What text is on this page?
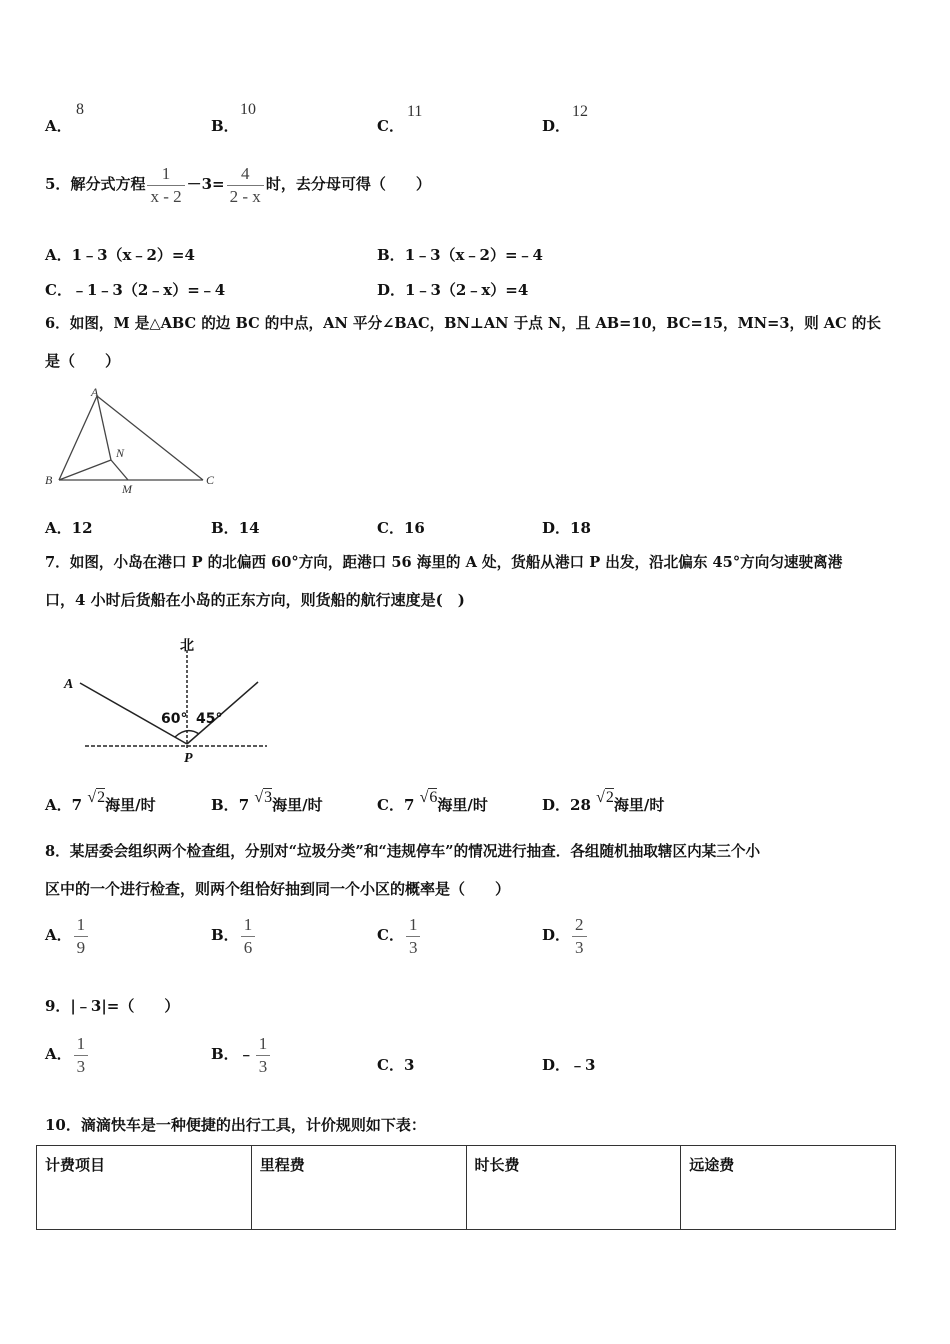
A．
8
B．
10
C．
11
D．
12
5．解分式方程 $\frac{1}{x - 2} -3= \frac{4}{2 - x}$ 时，去分母可得（　　）
A．1﹣3（x﹣2）=4	B．1﹣3（x﹣2）=﹣4
C．﹣1﹣3（2﹣x）=﹣4	D．1﹣3（2﹣x）=4
6．如图，M 是△ABC 的边 BC 的中点，AN 平分∠BAC，BN⊥AN 于点 N，且 AB=10，BC=15，MN=3，则 AC 的长
是（　　）
A
B	C
N
M
A．12	B．14	C．16	D．18
7．如图，小岛在港口 P 的北偏西 60°方向，距港口 56 海里的 A 处，货船从港口 P 出发，沿北偏东 45°方向匀速驶离港
口，4 小时后货船在小岛的正东方向，则货船的航行速度是(　)
北
A
60° 45°
P
A．7 √2海里/时	B．7 √3海里/时	C．7 √6海里/时	D．28 √2海里/时
8．某居委会组织两个检查组，分别对“垃圾分类”和“违规停车”的情况进行抽查．各组随机抽取辖区内某三个小
区中的一个进行检查，则两个组恰好抽到同一个小区的概率是（　　）
A． $\frac{1}{9}$	B． $\frac{1}{6}$	C． $\frac{1}{3}$	D． $\frac{2}{3}$
9．|﹣3|=（　　）
A． $\frac{1}{3}$	B．﹣ $\frac{1}{3}$	C．3	D．﹣3
10．滴滴快车是一种便捷的出行工具，计价规则如下表：
计费项目	里程费	时长费	远途费
